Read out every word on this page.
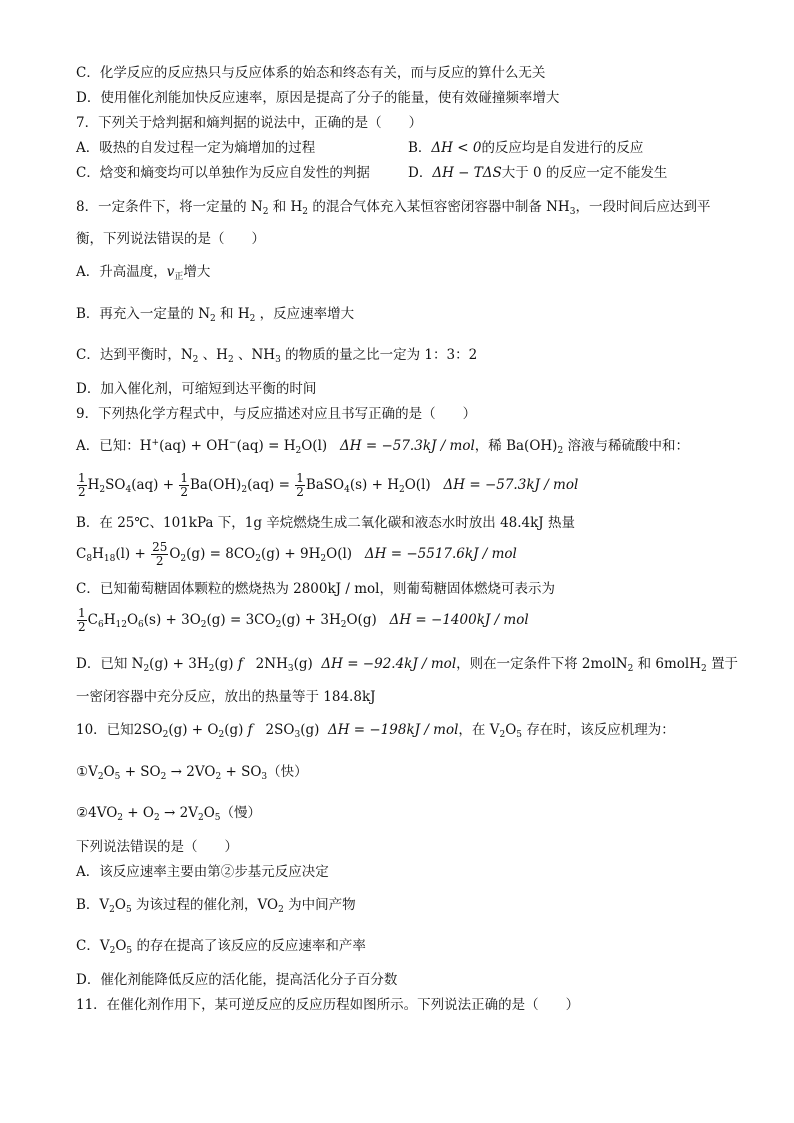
C．化学反应的反应热只与反应体系的始态和终态有关，而与反应的算什么无关
D．使用催化剂能加快反应速率，原因是提高了分子的能量，使有效碰撞频率增大
7．下列关于焓判据和熵判据的说法中，正确的是（　　）
A．吸热的自发过程一定为熵增加的过程	B．ΔH < 0的反应均是自发进行的反应
C．焓变和熵变均可以单独作为反应自发性的判据	D．ΔH − TΔS大于 0 的反应一定不能发生
8．一定条件下，将一定量的 $N_2$ 和 $H_2$ 的混合气体充入某恒容密闭容器中制备 $NH_3$，一段时间后应达到平
衡，下列说法错误的是（　　）
A．升高温度，$v_正$增大
B．再充入一定量的 $N_2$ 和 $H_2$ ，反应速率增大
C．达到平衡时，$N_2$ 、$H_2$ 、$NH_3$ 的物质的量之比一定为 1：3：2
D．加入催化剂，可缩短到达平衡的时间
9．下列热化学方程式中，与反应描述对应且书写正确的是（　　）
A．已知：$H^+(aq) + OH^-(aq) = H_2O(l) \Delta H = -57.3kJ$ / mol，稀 $Ba(OH)_2$ 溶液与稀硫酸中和：
$\frac{1}{2} H_2SO_4(aq) + \frac{1}{2} Ba(OH)_2(aq) = \frac{1}{2}$ BaSO$_4$(s) + $H_2O(l) \Delta H = -57.3kJ$ / mol
B．在 25℃、101kPa 下，1g 辛烷燃烧生成二氧化碳和液态水时放出 48.4kJ 热量
$C_8H_{18}(l) + \frac{25}{2} O_2(g) = 8CO_2(g) + 9H_2O(l) \Delta H = -5517.6kJ$ / mol
C．已知葡萄糖固体颗粒的燃烧热为 2800kJ / mol，则葡萄糖固体燃烧可表示为
$\frac{1}{2} C_6H_{12}O_6(s) + 3O_2(g) = 3CO_2(g) + 3H_2O(g) \Delta H = -1400kJ$ / mol
D．已知 $N_2(g) + 3H_2(g)$ f   $2NH_3(g) \Delta H = -92.4kJ$ / mol，则在一定条件下将 2molN$_2$ 和 6molH$_2$ 置于
一密闭容器中充分反应，放出的热量等于 184.8kJ
10．已知$2SO_2(g) + O_2(g)$ f   $2SO_3(g) \Delta H = -198kJ$ / mol，在 $V_2O_5$ 存在时，该反应机理为：
$①V_2O_5 + SO_2 \to 2VO_2 + SO_3$（快）
$②4VO_2 + O_2 \to 2V_2O_5$（慢）
下列说法错误的是（　　）
A．该反应速率主要由第②步基元反应决定
B．$V_2O_5$ 为该过程的催化剂，$VO_2$ 为中间产物
C．$V_2O_5$ 的存在提高了该反应的反应速率和产率
D．催化剂能降低反应的活化能，提高活化分子百分数
11．在催化剂作用下，某可逆反应的反应历程如图所示。下列说法正确的是（　　）
